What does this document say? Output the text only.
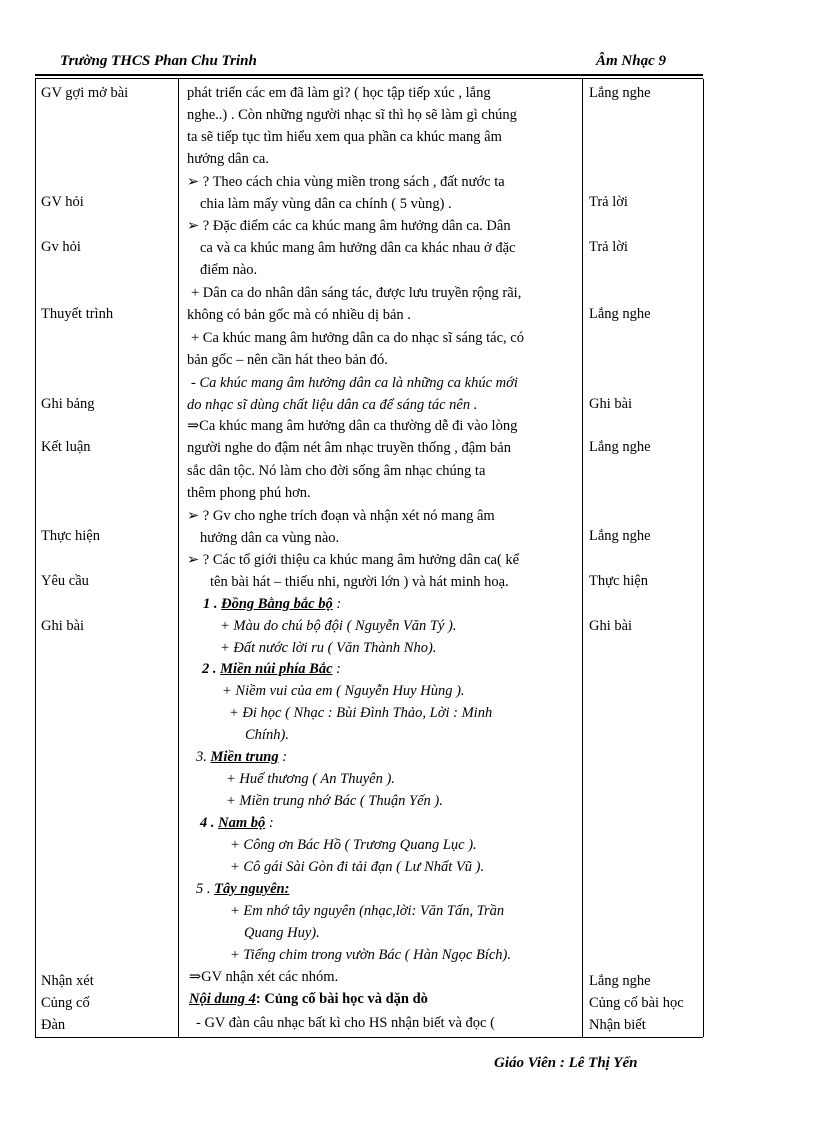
Trường THCS Phan Chu Trinh	Âm Nhạc 9
GV gợi mở bài
GV hỏi
Gv hỏi
Thuyết trình
Ghi bảng
Kết luận
Thực hiện
Yêu cầu
Ghi bài
Nhận xét
Củng cố
Đàn
Lắng nghe
Trả lời
Trả lời
Lắng nghe
Ghi bài
Lắng nghe
Lắng nghe
Thực hiện
Ghi bài
Lắng nghe
Củng cố bài học
Nhận biết
phát triển các em đã làm gì? ( học tập tiếp xúc , lắng
nghe..) . Còn những người nhạc sĩ thì họ sẽ làm gì chúng
ta sẽ tiếp tục tìm hiểu xem qua phần ca khúc mang âm
hưởng dân ca.
➢ ? Theo cách chia vùng miền trong sách , đất nước ta
chia làm mấy vùng dân ca chính ( 5 vùng) .
➢ ? Đặc điểm các ca khúc mang âm hưởng dân ca. Dân
ca và ca khúc mang âm hưởng dân ca khác nhau ở đặc
điểm nào.
+ Dân ca do nhân dân sáng tác, được lưu truyền rộng rãi,
không có bản gốc mà có nhiều dị bản .
+ Ca khúc mang âm hưởng dân ca do nhạc sĩ sáng tác, có
bản gốc – nên cần hát theo bản đó.
- Ca khúc mang âm hưởng dân ca là những ca khúc mới
do nhạc sĩ dùng chất liệu dân ca để sáng tác nên .
⇒Ca khúc mang âm hưởng dân ca thường dễ đi vào lòng
người nghe do đậm nét âm nhạc truyền thống , đậm bản
sắc dân tộc. Nó làm cho đời sống âm nhạc chúng ta
thêm phong phú hơn.
➢ ? Gv cho nghe trích đoạn và nhận xét nó mang âm
hưởng dân ca vùng nào.
➢ ? Các tổ giới thiệu ca khúc mang âm hưởng dân ca( kể
tên bài hát – thiếu nhi, người lớn ) và hát minh hoạ.
1 . Đồng Bằng bắc bộ :
+ Màu do chú bộ đội ( Nguyễn Văn Tý ).
+ Đất nước lời ru ( Văn Thành Nho).
2 . Miền núi phía Bắc :
+ Niềm vui của em ( Nguyễn Huy Hùng ).
+ Đi học ( Nhạc : Bùi Đình Thảo, Lời : Minh
Chính).
3. Miền trung :
+ Huế thương ( An Thuyên ).
+ Miền trung nhớ Bác ( Thuận Yến ).
4 . Nam bộ :
+ Công ơn Bác Hồ ( Trương Quang Lục ).
+ Cô gái Sài Gòn đi tải đạn ( Lư Nhất Vũ ).
5 . Tây nguyên:
+ Em nhớ tây nguyên (nhạc,lời: Văn Tấn, Trần
Quang Huy).
+ Tiếng chim trong vườn Bác ( Hàn Ngọc Bích).
⇒GV nhận xét các nhóm.
Nội dung 4: Củng cố bài học và dặn dò
- GV đàn câu nhạc bất kì cho HS nhận biết và đọc (
Giáo Viên : Lê Thị Yến
